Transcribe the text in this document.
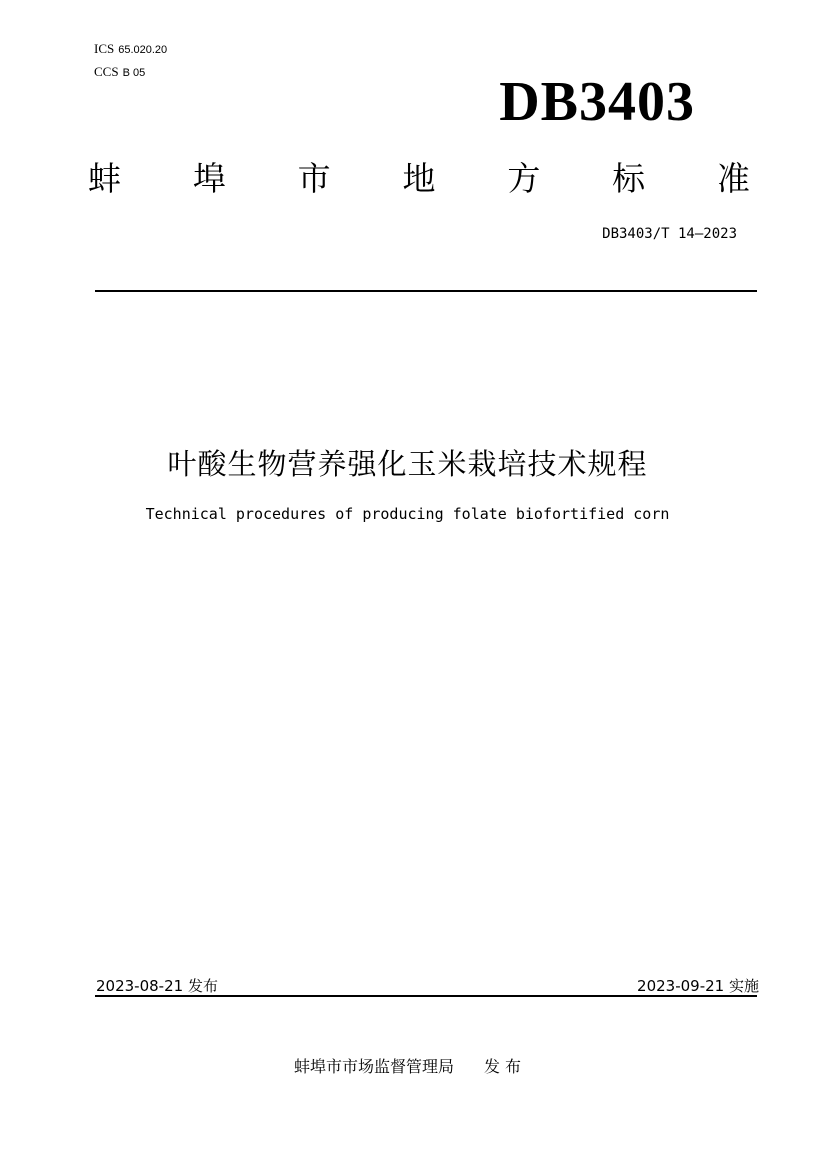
ICS 65.020.20
CCS B 05	DB3403
蚌 埠 市 地 方 标 准
DB3403/T 14—2023
叶酸生物营养强化玉米栽培技术规程
Technical procedures of producing folate biofortified corn
2023-08-21 发布	2023-09-21 实施
蚌埠市市场监督管理局 发 布
